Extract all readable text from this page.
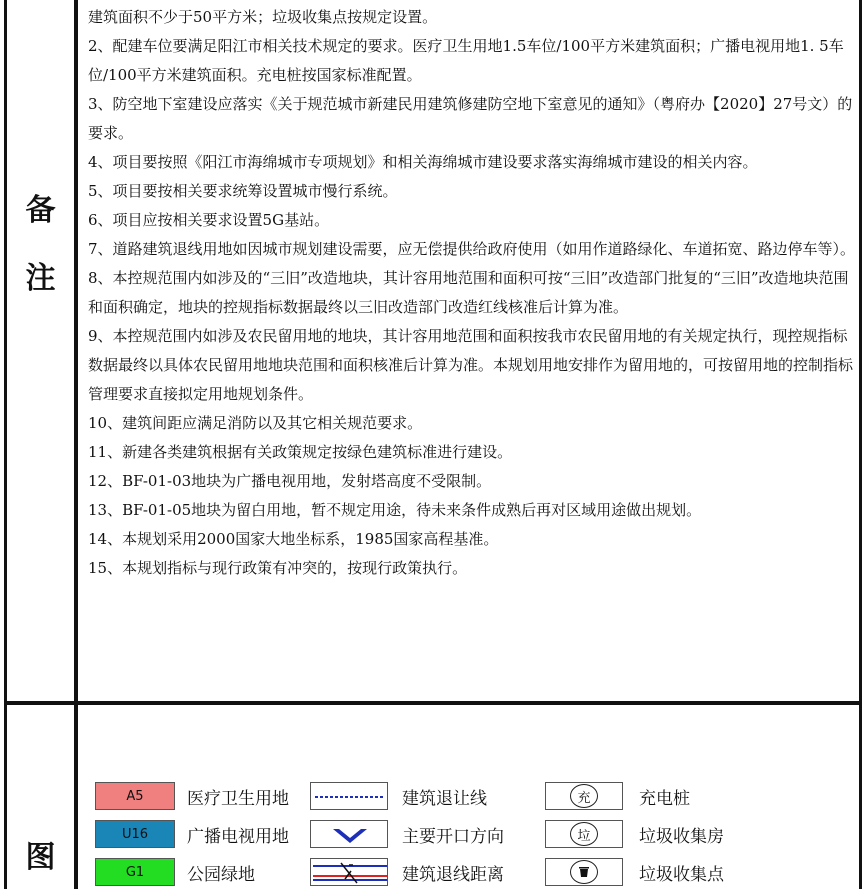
备
注
图
建筑面积不少于50平方米；垃圾收集点按规定设置。
2、配建车位要满足阳江市相关技术规定的要求。医疗卫生用地1.5车位/100平方米建筑面积；广播电视用地1. 5车
位/100平方米建筑面积。充电桩按国家标准配置。
3、防空地下室建设应落实《关于规范城市新建民用建筑修建防空地下室意见的通知》（粤府办【2020】27号文）的
要求。
4、项目要按照《阳江市海绵城市专项规划》和相关海绵城市建设要求落实海绵城市建设的相关内容。
5、项目要按相关要求统筹设置城市慢行系统。
6、项目应按相关要求设置5G基站。
7、道路建筑退线用地如因城市规划建设需要，应无偿提供给政府使用（如用作道路绿化、车道拓宽、路边停车等）。
8、本控规范围内如涉及的“三旧”改造地块，其计容用地范围和面积可按“三旧”改造部门批复的“三旧”改造地块范围
和面积确定，地块的控规指标数据最终以三旧改造部门改造红线核准后计算为准。
9、本控规范围内如涉及农民留用地的地块，其计容用地范围和面积按我市农民留用地的有关规定执行，现控规指标
数据最终以具体农民留用地地块范围和面积核准后计算为准。本规划用地安排作为留用地的，可按留用地的控制指标
管理要求直接拟定用地规划条件。
10、建筑间距应满足消防以及其它相关规范要求。
11、新建各类建筑根据有关政策规定按绿色建筑标准进行建设。
12、BF-01-03地块为广播电视用地，发射塔高度不受限制。
13、BF-01-05地块为留白用地，暂不规定用途，待未来条件成熟后再对区域用途做出规划。
14、本规划采用2000国家大地坐标系，1985国家高程基准。
15、本规划指标与现行政策有冲突的，按现行政策执行。
A5	医疗卫生用地	建筑退让线	充	充电桩
U16	广播电视用地	主要开口方向	垃	垃圾收集房
G1	公园绿地	建筑退线距离	垃圾收集点
